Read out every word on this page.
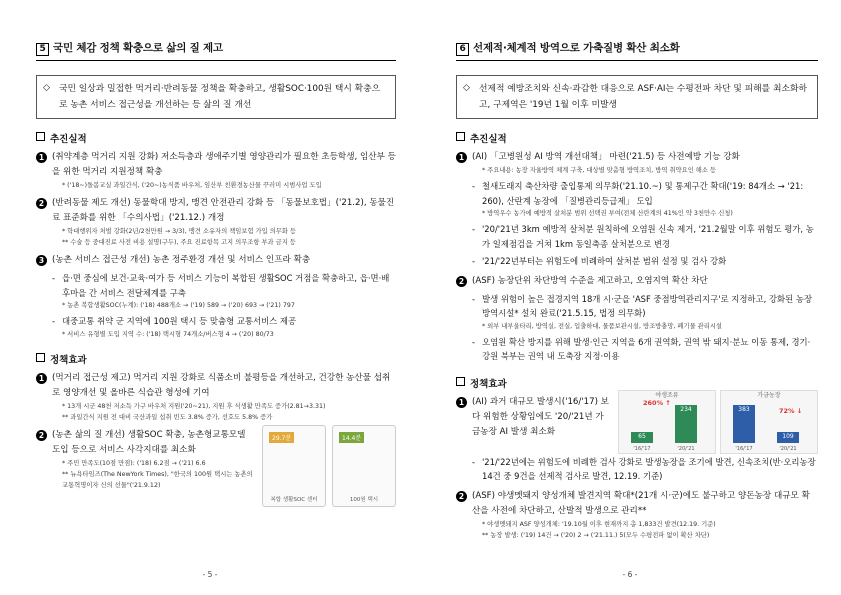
5 국민 체감 정책 확충으로 삶의 질 제고
◇ 국민 일상과 밀접한 먹거리·반려동물 정책을 확충하고, 생활SOC·100원 택시 확충으로 농촌 서비스 접근성을 개선하는 등 삶의 질 개선
추진실적
1 (취약계층 먹거리 지원 강화) 저소득층과 생애주기별 영양관리가 필요한 초등학생, 임산부 등을 위한 먹거리 지원정책 확충
* ('18~)돌봄교실 과일간식, ('20~)농식품 바우처, 임산부 친환경농산물 꾸러미 시범사업 도입
2 (반려동물 제도 개선) 동물학대 방지, 맹견 안전관리 강화 등 「동물보호법」('21.2), 동물진료 표준화를 위한 「수의사법」('21.12.) 개정
* 학대행위자 처벌 강화(2년/2천만원 → 3/3), 맹견 소유자의 책임보험 가입 의무화 등
** 수술 등 중대진료 사전 비용 설명(구두), 주요 진료항목 고지 의무조항 부과 금지 등
3 (농촌 서비스 접근성 개선) 농촌 정주환경 개선 및 서비스 인프라 확충
- 읍·면 중심에 보건·교육·여가 등 서비스 기능이 복합된 생활SOC 거점을 확충하고, 읍·면·배후마을 간 서비스 전달체계를 구축
* 농촌 복합생활SOC(누계): ('18) 488개소 → ('19) 589 → ('20) 693 → ('21) 797
- 대중교통 취약 군 지역에 100원 택시 등 맞춤형 교통서비스 제공
* 서비스 유형별 도입 지역 수: ('18) 택시형 74개소/버스형 4 → ('20) 80/73
정책효과
1 (먹거리 접근성 제고) 먹거리 지원 강화로 식품소비 불평등을 개선하고, 건강한 농산물 섭취로 영양개선 및 올바른 식습관 형성에 기여
* 13개 시군 48천 저소득 가구 바우처 지원('20~21), 지원 후 식생활 만족도 증가(2.81→3.31)
** 과일간식 지원 전 대비 국산과일 섭취 빈도 3.8% 증가, 선호도 5.8% 증가
2 (농촌 삶의 질 개선) 생활SOC 확충, 농촌형교통모델 도입 등으로 서비스 사각지대를 최소화
* 주민 만족도(10점 만점): ('18) 6.2점 → ('21) 6.6
** 뉴욕타임즈(The NewYork Times), "한국의 100원 택시는 농촌의 교통혁명이자 신의 선물"('21.9.12)
29.7분
복합 생활SOC 센터
14.4분
100원 택시
- 5 -
6 선제적·체계적 방역으로 가축질병 확산 최소화
◇ 선제적 예방조치와 신속·과감한 대응으로 ASF·AI는 수평전파 차단 및 피해를 최소화하고, 구제역은 '19년 1월 이후 미발생
추진실적
1 (AI) 「고병원성 AI 방역 개선대책」 마련('21.5) 등 사전예방 기능 강화
* 주요내용: 농장 자율방역 체계 구축, 대상별 맞춤형 방역조치, 방역 취약요인 해소 등
- 철새도래지 축산차량 출입통제 의무화('21.10.~) 및 통제구간 확대('19: 84개소 → '21: 260), 산란계 농장에 「질병관리등급제」 도입
* 방역우수 농가에 예방적 살처분 범위 선택권 부여(전체 산란계의 41%인 약 3천만수 신청)
- '20/'21년 3km 예방적 살처분 원칙하에 오염원 신속 제거, '21.2월말 이후 위험도 평가, 농가 일제점검을 거쳐 1km 동일축종 살처분으로 변경
- '21/'22년부터는 위험도에 비례하여 살처분 범위 설정 및 검사 강화
2 (ASF) 농장단위 차단방역 수준을 제고하고, 오염지역 확산 차단
- 발생 위험이 높은 접경지역 18개 시·군을 'ASF 중점방역관리지구'로 지정하고, 강화된 농장 방역시설* 설치 완료('21.5.15, 법정 의무화)
* 외부 내부울타리, 방역실, 전실, 입출하대, 물품보관시설, 방조방충망, 폐기물 관리시설
- 오염원 확산 방지를 위해 발생·인근 지역을 6개 권역화, 권역 밖 돼지·분뇨 이동 통제, 경기·강원 북부는 권역 내 도축장 지정·이용
정책효과
1 (AI) 과거 대규모 발생시('16/'17) 보다 위험한 상황임에도 '20/'21년 가금농장 AI 발생 최소화
야생조류
260% ↑
65
234
'16/'17	'20/'21
가금농장
72% ↓
383
109
'16/'17	'20/'21
- '21/'22년에는 위험도에 비례한 검사 강화로 발생농장을 조기에 발견, 신속조치(반·오리농장 14건 중 9건을 선제적 검사로 발견, 12.19. 기준)
2 (ASF) 야생멧돼지 양성개체 발견지역 확대*(21개 시·군)에도 불구하고 양돈농장 대규모 확산을 사전에 차단하고, 산발적 발생으로 관리**
* 야생멧돼지 ASF 양성개체: '19.10월 이후 현재까지 총 1,833건 발견(12.19. 기준)
** 농장 발생: ('19) 14건 → ('20) 2 → ('21.11.) 5(모두 수평전파 없이 확산 차단)
- 6 -
